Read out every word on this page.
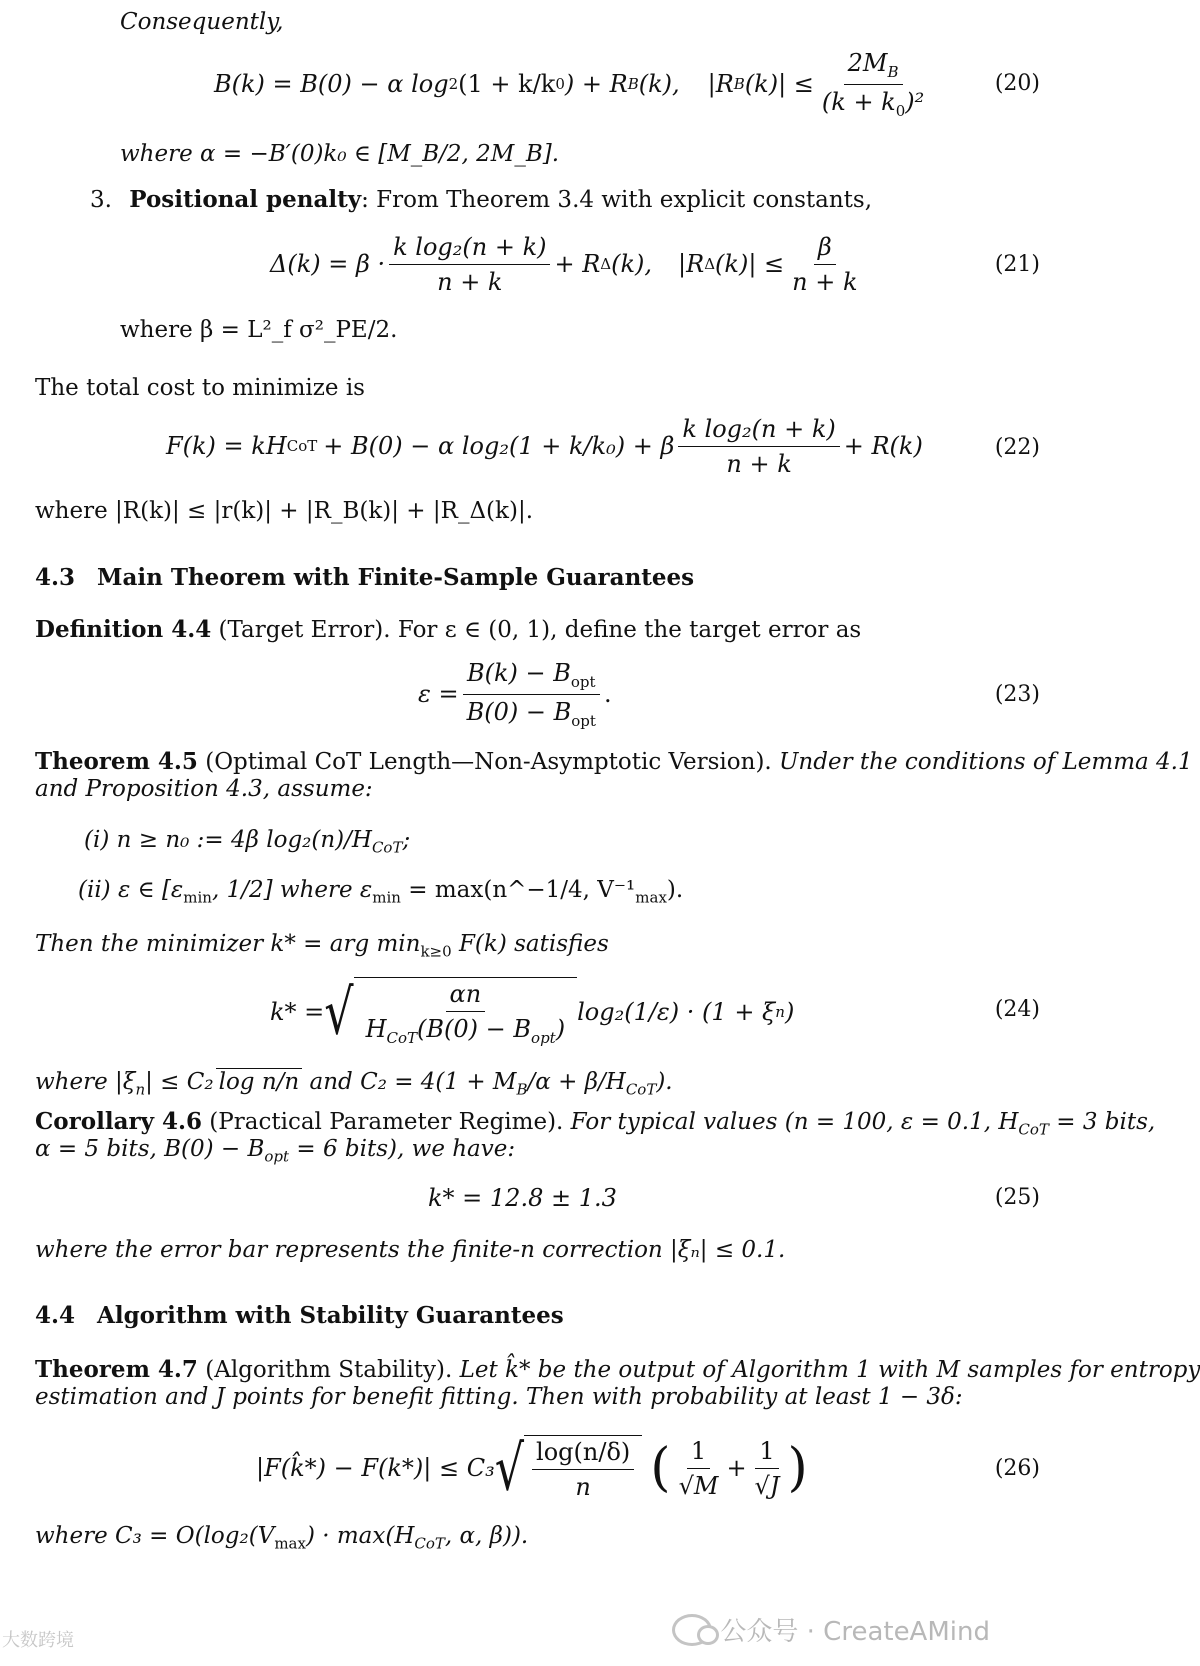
Consequently,
B(k) = B(0) − α log 2 (1 + k/k 0 ) + R B (k), |R B $(k)| \le \frac{2M_B}{(k + k_0)^2}$	(20)
where α = −B′(0)k₀ ∈ [M_B/2, 2M_B].
3. Positional penalty: From Theorem 3.4 with explicit constants,
$\Delta(k) = \beta \cdot \frac{\text{k log₂(n + k)}}{n + k} + R$ Δ (k), |R Δ $(k)| \le \frac{\beta}{n + k}$	(21)
where β = L²_f σ²_PE/2.
The total cost to minimize is
F(k) = kH CoT + B(0) − α log₂(1 + k/k₀) + β $\frac{\text{k log₂(n + k)}}{n + k} + R(k)$	(22)
where |R(k)| ≤ |r(k)| + |R_B(k)| + |R_Δ(k)|.
4.3 Main Theorem with Finite-Sample Guarantees
Definition 4.4 (Target Error). For ε ∈ (0, 1), define the target error as
$\varepsilon = \frac{B(k) - B_{opt}}{B(0) - B_{opt}}$ .	(23)
Theorem 4.5 (Optimal CoT Length—Non-Asymptotic Version). Under the conditions of Lemma 4.1
and Proposition 4.3, assume:
(i) n ≥ n₀ := 4β $\log_2(n)/H_{CoT}$;
(ii) ε ∈ [$\varepsilon_{min}$, 1/2] where $\varepsilon_{min}$ = max(n^−1/4, $V^{-1}_{max}$).
Then the minimizer k* = arg $\min_{k\ge 0} F(k)$ satisfies
k* = √ $\frac{\alpha n}{H_{CoT}(B(0) - B_{opt})} \log_2(1/\varepsilon) \cdot (1 + \xi$ n )	(24)
where $|\xi_n| \le C_2$ log n/n and $C_2 = 4(1 + M_B/\alpha + \beta/H_{CoT})$.
Corollary 4.6 (Practical Parameter Regime). For typical values (n = 100, ε = 0.1, $H_{CoT} = 3$ bits,
α = 5 bits, $B(0) - B_{opt} = 6$ bits), we have:
k* = 12.8 ± 1.3	(25)
where the error bar represents the finite-n correction |ξₙ| ≤ 0.1.
4.4 Algorithm with Stability Guarantees
Theorem 4.7 (Algorithm Stability). Let k̂* be the output of Algorithm 1 with M samples for entropy
estimation and J points for benefit fitting. Then with probability at least 1 − 3δ:
|F(k̂*) − F(k*)| ≤ C₃ √ $\frac{\log(n/\delta)}{n}$ ( $\frac{1}{√M} + \frac{1}{√J}$ )	(26)
where $C_3 = O(\log_2(V_{max}) \cdot \max(H_{CoT}$, α, β)).
公众号 · CreateAMind
大数跨境
